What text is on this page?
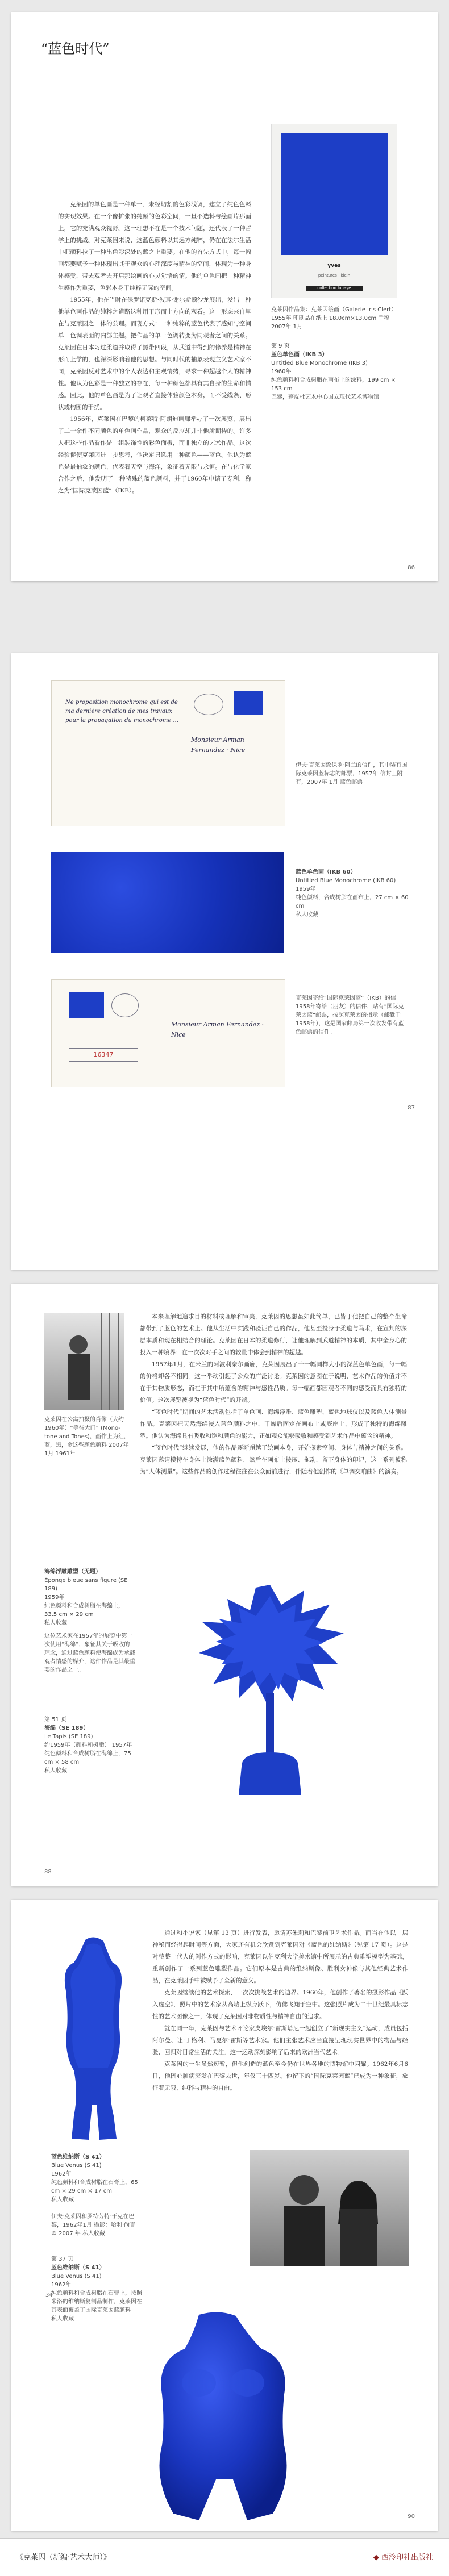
“蓝色时代”

克莱因的单色画是一种单一、未经切割的色彩浅调，建立了纯色色料的实现效果。在一个像扩张的纯颜的色彩空间，一旦不选料与绘画片那面上，它的充满观众视野。这一理想不在是一个技术问题，还代表了一种哲学上的挑战。对克莱因来说，这蓝色颜料以其远方纯粹，仍在在法尔生活中把颜料拉了一种出色彩深处的蓝之上重要。在他的首先方式中，每一幅画都要赋予一种体现出其于观众的心理深度与精神的空间，体现为一种身体感受，带去观者去开启那绘画的心灵觉悟的情。他的单色画把一种精神生感作为重要，色彩本身于纯粹无际的空间。

1955年，他在当时在保罗诺克斯·波耳·谢尔斯顿沙龙展出，发出一种他单色画作品的纯粹之道路这种用于形而上方向的观看。这一形态来自早在与克莱因之一体的公理。而现方式：一种纯粹的蓝色代表了感知与空间单一色调表面的内部主题。把作品的单一色调转变为同观者之间的关系。克莱因在日本习过柔道并取得了黑带四段，从武道中得到的修养是精神在形而上学的，也深深影响着他的思想。与同时代的抽象表现主义艺术家不同，克莱因反对艺术中的个人表达和主观情绪，寻求一种超越个人的精神性。他认为色彩是一种独立的存在，每一种颜色都具有其自身的生命和情感。因此，他的单色画是为了让观者直接体验颜色本身，而不受线条、形状或构图的干扰。

1956年，克莱因在巴黎的柯莱特·阿朗迪画廊举办了一次展览，展出了二十余件不同颜色的单色画作品，观众的反应却并非他所期待的。许多人把这些作品看作是一组装饰性的彩色面板，而非独立的艺术作品。这次经验促使克莱因进一步思考，他决定只选用一种颜色——蓝色。他认为蓝色是最抽象的颜色，代表着天空与海洋，象征着无限与永恒。在与化学家合作之后，他发明了一种特殊的蓝色颜料，并于1960年申请了专利，称之为“国际克莱因蓝”（IKB）。

yves
peintures · klein
collection lahaye
克莱因作品集：克莱因绘画（Galerie Iris Clert）1955年 印刷品在纸上 18.0cm×13.0cm 手稿 2007年 1月
第 9 页
蓝色单色画（IKB 3）
Untitled Blue Monochrome (IKB 3)
1960年
纯色颜料和合成树脂在画布上的涂料，199 cm × 153 cm
巴黎，蓬皮杜艺术中心国立现代艺术博物馆
86
Ne proposition monochrome qui est de ma dernière création de mes travaux pour la propagation du monochrome ...
Monsieur Arman Fernandez · Nice
伊夫·克莱因致保罗·阿兰的信件，其中装有国际克莱因蓝标志的邮票，1957年 信封上附有，2007年 1月 蓝色邮票
蓝色单色画（IKB 60）
Untitled Blue Monochrome (IKB 60)
1959年
纯色颜料，合成树脂在画布上，27 cm × 60 cm
私人收藏
16347
Monsieur Arman Fernandez · Nice
克莱因寄给“国际克莱因蓝”（IKB）的信 1958年寄给（朋友）的信件，贴有“国际克莱因蓝”邮票，按照克莱因的指示（邮戳于1958年），这是国家邮局第一次收发带有蓝色邮票的信件。
87
克莱因在公寓拍摄的肖像（大约 1960年）“等待大门” (Mono-tone and Tones)，画作上为红，蓝，黑，金这些颜色颜料 2007年 1月 1961年

本来理解地追求目的材料或理解和审美，克莱因的思想虽如此简单，已皆于他把自己的整个生命都带到了蓝色的艺术上。他从生活中实践和验证自己的作品，他甚至投身于柔道与马术，在宣判的深层本质和现在相结合的理论。克莱因在日本的柔道修行，让他理解到武道精神的本质，其中全身心的投入一种境界；在一次次对手之间的较量中体会到精神的超越。

1957年1月，在米兰的阿波利奈尔画廊，克莱因展出了十一幅同样大小的深蓝色单色画，每一幅的价格却各不相同。这一举动引起了公众的广泛讨论。克莱因的意图在于说明，艺术作品的价值并不在于其物质形态，而在于其中所蕴含的精神与感性品质。每一幅画都因观者不同的感受而具有独特的价值。这次展览被视为“蓝色时代”的开端。

“蓝色时代”期间的艺术活动包括了单色画、海绵浮雕、蓝色雕塑、蓝色地球仪以及蓝色人体测量作品。克莱因把天然海绵浸入蓝色颜料之中，干燥后固定在画布上或底座上，形成了独特的海绵雕塑。他认为海绵具有吸收和饱和颜色的能力，正如观众能够吸收和感受到艺术作品中蕴含的精神。

“蓝色时代”继续发展，他的作品逐渐超越了绘画本身，开始探索空间、身体与精神之间的关系。克莱因邀请模特在身体上涂满蓝色颜料，然后在画布上按压、拖动，留下身体的印记，这一系列被称为“人体测量”。这些作品的创作过程往往在公众面前进行，伴随着他创作的《单调交响曲》的演奏。

海绵浮雕雕塑（无题）
Éponge bleue sans figure (SE 189)
1959年
纯色颜料和合成树脂在海绵上，33.5 cm × 29 cm
私人收藏
这位艺术家在1957年的展览中第一次使用“海绵”，象征其关于吸收的理念，通过蓝色颜料使海绵成为承载观者情感的媒介，这件作品是其最重要的作品之一。
第 51 页
海绵（SE 189）
Le Tapis (SE 189)
约1959年（颜料和树脂） 1957年
纯色颜料和合成树脂在海绵上，75 cm × 58 cm
私人收藏
88

通过和小说家（见第 13 页）进行发表，邀请苏朱莉和巴黎前卫艺术作品。而当在他以一层神秘而经得起时间等方面，大家还有机会欣赏到克莱因对《蓝色的维纳斯》（见第 17 页）。这是对整整一代人的创作方式的影响，克莱因以伯克利大学美术馆中所展示的古典雕塑模型为基础，重新创作了一系列蓝色雕塑作品。它们原本是古典的维纳斯像、胜利女神像与其他经典艺术作品，在克莱因手中被赋予了全新的意义。

克莱因继续他的艺术探索，一次次挑战艺术的边界。1960年，他创作了著名的摄影作品《跃入虚空》，照片中的艺术家从高墙上纵身跃下，仿佛飞翔于空中。这张照片成为二十世纪最具标志性的艺术图像之一，体现了克莱因对非物质性与精神自由的追求。

就在同一年，克莱因与艺术评论家皮埃尔·雷斯塔尼一起创立了“新现实主义”运动，成员包括阿尔曼、让·丁格利、马夏尔·雷斯等艺术家。他们主张艺术应当直接呈现现实世界中的物品与经验，回归对日常生活的关注。这一运动深刻影响了后来的欧洲当代艺术。

克莱因的一生虽然短暂，但他创造的蓝色至今仍在世界各地的博物馆中闪耀。1962年6月6日，他因心脏病突发在巴黎去世，年仅三十四岁。他留下的“国际克莱因蓝”已成为一种象征，象征着无限、纯粹与精神的自由。

蓝色维纳斯（S 41）
Blue Venus (S 41)
1962年
纯色颜料和合成树脂在石膏上，65 cm × 29 cm × 17 cm
私人收藏
伊夫·克莱因和罗特劳特·于克在巴黎，1962年1月 摄影：哈利·尚克 © 2007 年 私人收藏
第 37 页
蓝色维纳斯（S 41）
Blue Venus (S 41)
1962年
纯色颜料和合成树脂在石膏上，按照米洛的维纳斯复制品制作，克莱因在其表面覆盖了国际克莱因蓝颜料
私人收藏
34
90
《克莱因（新编·艺术大师）》	◆ 西泠印社出版社
